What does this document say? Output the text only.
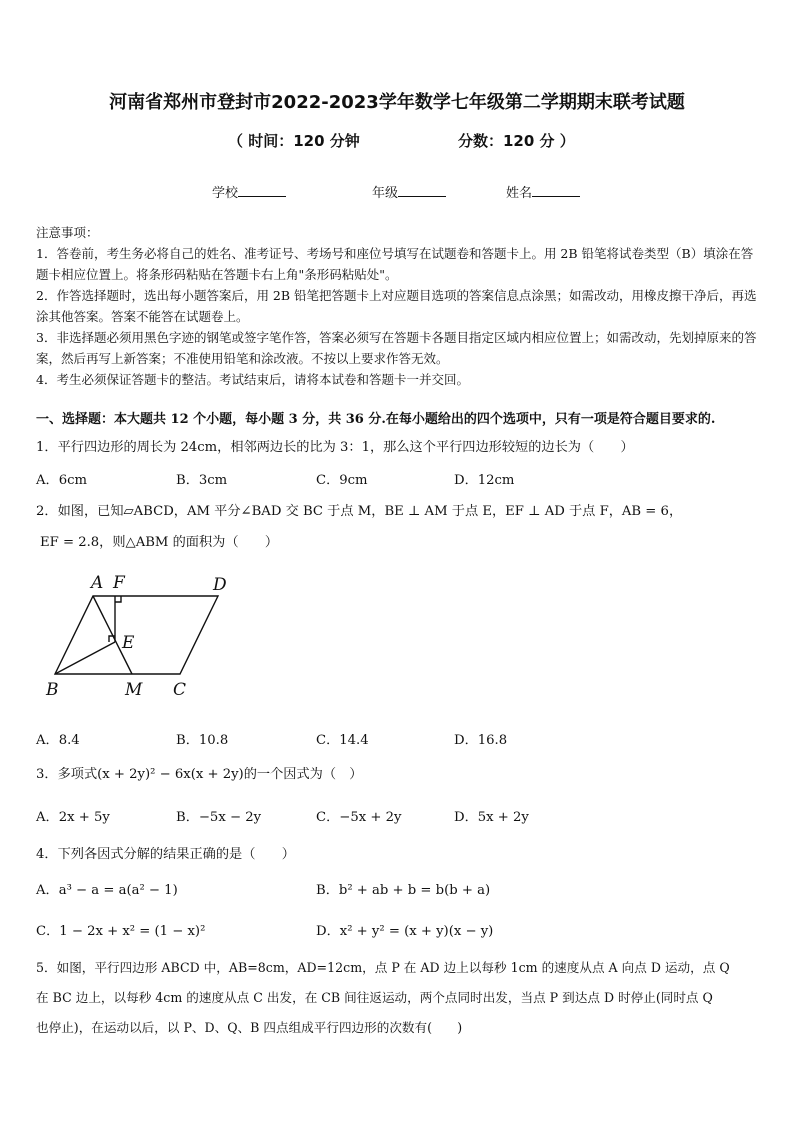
河南省郑州市登封市2022-2023学年数学七年级第二学期期末联考试题
（ 时间：120 分钟	分数：120 分 ）
学校	年级	姓名

注意事项：

1．答卷前，考生务必将自己的姓名、准考证号、考场号和座位号填写在试题卷和答题卡上。用 2B 铅笔将试卷类型（B）填涂在答题卡相应位置上。将条形码粘贴在答题卡右上角"条形码粘贴处"。

2．作答选择题时，选出每小题答案后，用 2B 铅笔把答题卡上对应题目选项的答案信息点涂黑；如需改动，用橡皮擦干净后，再选涂其他答案。答案不能答在试题卷上。

3．非选择题必须用黑色字迹的钢笔或签字笔作答，答案必须写在答题卡各题目指定区域内相应位置上；如需改动，先划掉原来的答案，然后再写上新答案；不准使用铅笔和涂改液。不按以上要求作答无效。

4．考生必须保证答题卡的整洁。考试结束后，请将本试卷和答题卡一并交回。

一、选择题：本大题共 12 个小题，每小题 3 分，共 36 分.在每小题给出的四个选项中，只有一项是符合题目要求的.
1．平行四边形的周长为 24cm，相邻两边长的比为 3：1，那么这个平行四边形较短的边长为（　　）
A．6cm	B．3cm	C．9cm	D．12cm
2．如图，已知▱ABCD，AM 平分∠BAD 交 BC 于点 M，BE ⊥ AM 于点 E，EF ⊥ AD 于点 F，AB = 6，
EF = 2.8，则△ABM 的面积为（　　）
A F	D
E
B	M C
A．8.4	B．10.8	C．14.4	D．16.8
3．多项式(x + 2y)² − 6x(x + 2y)的一个因式为（　）
A．2x + 5y	B．−5x − 2y	C．−5x + 2y	D．5x + 2y
4．下列各因式分解的结果正确的是（　　）
A．a³ − a = a(a² − 1)	B．b² + ab + b = b(b + a)
C．1 − 2x + x² = (1 − x)²	D．x² + y² = (x + y)(x − y)
5．如图，平行四边形 ABCD 中，AB=8cm，AD=12cm，点 P 在 AD 边上以每秒 1cm 的速度从点 A 向点 D 运动，点 Q
在 BC 边上，以每秒 4cm 的速度从点 C 出发，在 CB 间往返运动，两个点同时出发，当点 P 到达点 D 时停止(同时点 Q
也停止)，在运动以后，以 P、D、Q、B 四点组成平行四边形的次数有(　　)
